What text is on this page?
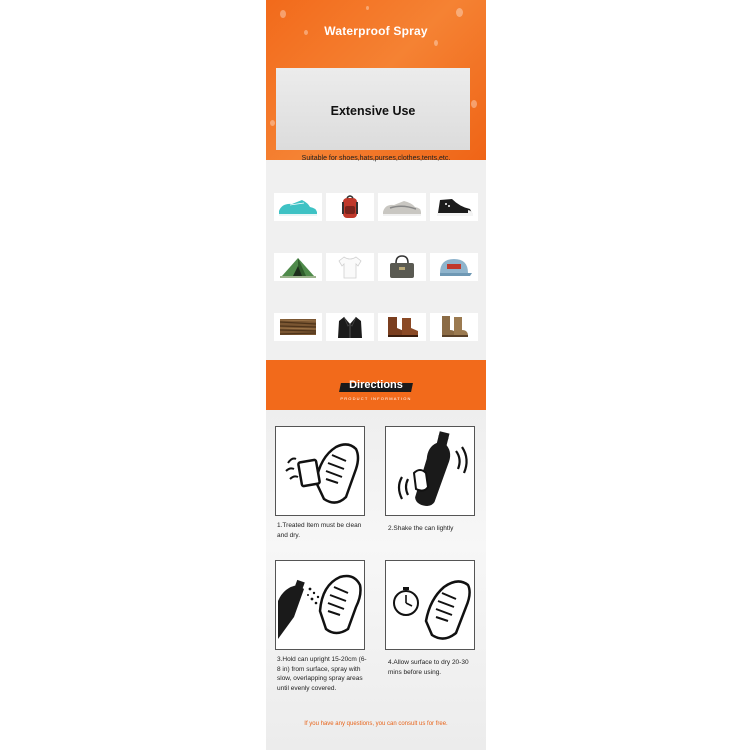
Waterproof Spray
Extensive Use
Suitable for shoes,hats,purses,clothes,tents,etc.
Directions
PRODUCT INFORMATION
1.Treated Item must be clean and dry.
2.Shake the can lightly
3.Hold can upright 15-20cm (6-8 in) from surface, spray with slow, overlapping spray areas until evenly covered.
4.Allow surface to dry 20-30 mins before using.
If you have any questions, you can consult us for free.
